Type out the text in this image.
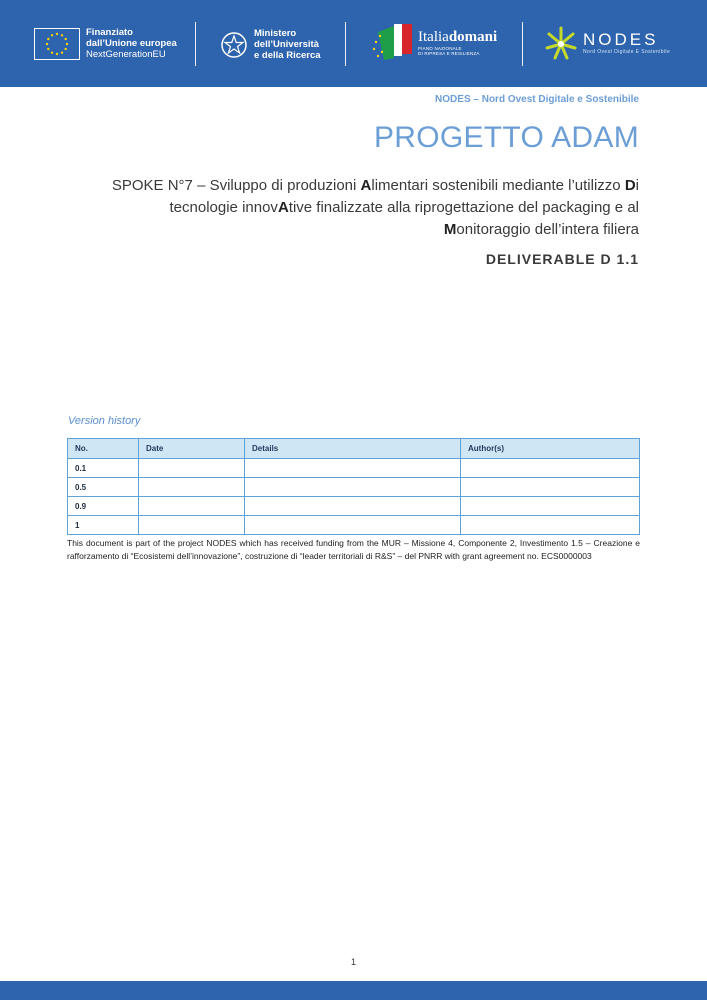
Finanziato
dall’Unione europea
NextGenerationEU
Ministero
dell’Università
e della Ricerca
Italiadomani
PIANO NAZIONALE
DI RIPRESA E RESILIENZA
NODES
Nord Ovest Digitale E Sostenibile
NODES – Nord Ovest Digitale e Sostenibile
PROGETTO ADAM
SPOKE N°7 – Sviluppo di produzioni Alimentari sostenibili mediante l’utilizzo Di tecnologie innovAtive finalizzate alla riprogettazione del packaging e al Monitoraggio dell’intera filiera
DELIVERABLE D 1.1
Version history
No.	Date	Details	Author(s)
0.1			
0.5			
0.9			
1			
This document is part of the project NODES which has received funding from the MUR – Missione 4, Componente 2, Investimento 1.5 – Creazione e rafforzamento di “Ecosistemi dell’innovazione”, costruzione di “leader territoriali di R&S” – del PNRR with grant agreement no. ECS0000003
1
